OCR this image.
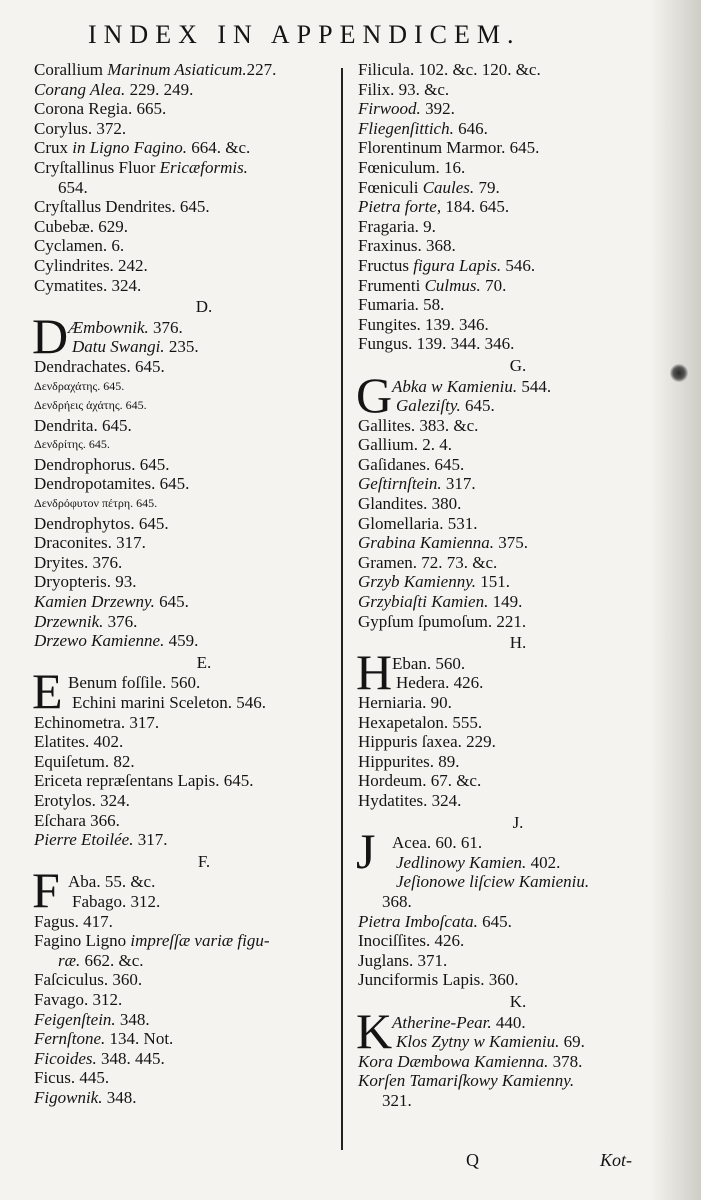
INDEX IN APPENDICEM.
Corallium Marinum Asiaticum.227.
Corang Alea. 229. 249.
Corona Regia. 665.
Corylus. 372.
Crux in Ligno Fagino. 664. &c.
Cryſtallinus Fluor Ericæformis.
654.
Cryſtallus Dendrites. 645.
Cubebæ. 629.
Cyclamen. 6.
Cylindrites. 242.
Cymatites. 324.
D.
D Æmbownik. 376.
Datu Swangi. 235.
Dendrachates. 645.
Δενδραχάτης. 645.
Δενδρήεις ἀχάτης. 645.
Dendrita. 645.
Δενδρίτης. 645.
Dendrophorus. 645.
Dendropotamites. 645.
Δενδρόφυτον πέτρη. 645.
Dendrophytos. 645.
Draconites. 317.
Dryites. 376.
Dryopteris. 93.
Kamien Drzewny. 645.
Drzewnik. 376.
Drzewo Kamienne. 459.
E.
E Benum foſſile. 560.
Echini marini Sceleton. 546.
Echinometra. 317.
Elatites. 402.
Equiſetum. 82.
Ericeta repræſentans Lapis. 645.
Erotylos. 324.
Eſchara 366.
Pierre Etoilée. 317.
F.
F Aba. 55. &c.
Fabago. 312.
Fagus. 417.
Fagino Ligno impreſſæ variæ figu-
ræ. 662. &c.
Faſciculus. 360.
Favago. 312.
Feigenſtein. 348.
Fernſtone. 134. Not.
Ficoides. 348. 445.
Ficus. 445.
Figownik. 348.
Filicula. 102. &c. 120. &c.
Filix. 93. &c.
Firwood. 392.
Fliegenſittich. 646.
Florentinum Marmor. 645.
Fœniculum. 16.
Fœniculi Caules. 79.
Pietra forte, 184. 645.
Fragaria. 9.
Fraxinus. 368.
Fructus figura Lapis. 546.
Frumenti Culmus. 70.
Fumaria. 58.
Fungites. 139. 346.
Fungus. 139. 344. 346.
G.
G Abka w Kamieniu. 544.
Galeziſty. 645.
Gallites. 383. &c.
Gallium. 2. 4.
Gaſidanes. 645.
Geſtirnſtein. 317.
Glandites. 380.
Glomellaria. 531.
Grabina Kamienna. 375.
Gramen. 72. 73. &c.
Grzyb Kamienny. 151.
Grzybiaſti Kamien. 149.
Gypſum ſpumoſum. 221.
H.
H Eban. 560.
Hedera. 426.
Herniaria. 90.
Hexapetalon. 555.
Hippuris ſaxea. 229.
Hippurites. 89.
Hordeum. 67. &c.
Hydatites. 324.
J.
J Acea. 60. 61.
Jedlinowy Kamien. 402.
Jeſionowe liſciew Kamieniu.
368.
Pietra Imboſcata. 645.
Inociſſites. 426.
Juglans. 371.
Junciformis Lapis. 360.
K.
K Atherine-Pear. 440.
Klos Zytny w Kamieniu. 69.
Kora Dæmbowa Kamienna. 378.
Korſen Tamariſkowy Kamienny.
321.
Q	Kot-
